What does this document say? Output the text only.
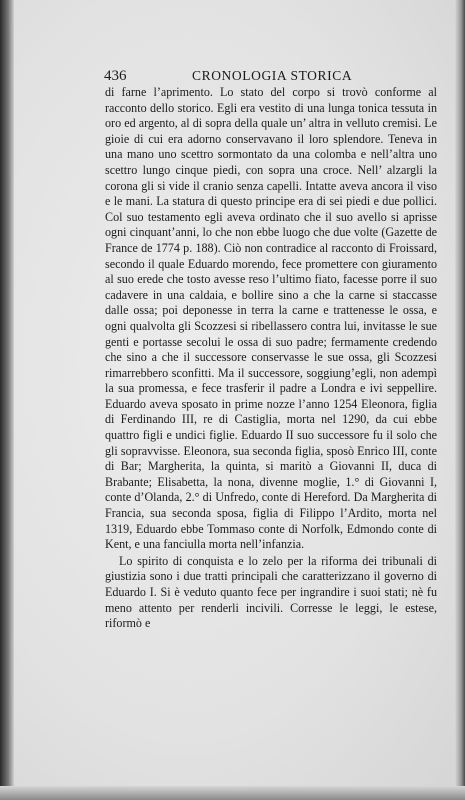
436	CRONOLOGIA STORICA

di farne l’aprimento. Lo stato del corpo si trovò conforme al racconto dello storico. Egli era vestito di una lunga tonica tessuta in oro ed argento, al di sopra della quale un’ altra in velluto cremisi. Le gioie di cui era adorno conservavano il loro splendore. Teneva in una mano uno scettro sormontato da una colomba e nell’altra uno scettro lungo cinque piedi, con sopra una croce. Nell’ alzargli la corona gli si vide il cranio senza capelli. Intatte aveva ancora il viso e le mani. La statura di questo principe era di sei piedi e due pollici. Col suo testamento egli aveva ordinato che il suo avello si aprisse ogni cinquant’anni, lo che non ebbe luogo che due volte (Gazette de France de 1774 p. 188). Ciò non contradice al racconto di Froissard, secondo il quale Eduardo morendo, fece promettere con giuramento al suo erede che tosto avesse reso l’ultimo fiato, facesse porre il suo cadavere in una caldaia, e bollire sino a che la carne si staccasse dalle ossa; poi deponesse in terra la carne e trattenesse le ossa, e ogni qualvolta gli Scozzesi si ribellassero contra lui, invitasse le sue genti e portasse secolui le ossa di suo padre; fermamente credendo che sino a che il successore conservasse le sue ossa, gli Scozzesi rimarrebbero sconfitti. Ma il successore, soggiung’egli, non adempì la sua promessa, e fece trasferir il padre a Londra e ivi seppellire. Eduardo aveva sposato in prime nozze l’anno 1254 Eleonora, figlia di Ferdinando III, re di Castiglia, morta nel 1290, da cui ebbe quattro figli e undici figlie. Eduardo II suo successore fu il solo che gli sopravvisse. Eleonora, sua seconda figlia, sposò Enrico III, conte di Bar; Margherita, la quinta, si maritò a Giovanni II, duca di Brabante; Elisabetta, la nona, divenne moglie, 1.° di Giovanni I, conte d’Olanda, 2.° di Unfredo, conte di Hereford. Da Margherita di Francia, sua seconda sposa, figlia di Filippo l’Ardito, morta nel 1319, Eduardo ebbe Tommaso conte di Norfolk, Edmondo conte di Kent, e una fanciulla morta nell’infanzia.

Lo spirito di conquista e lo zelo per la riforma dei tribunali di giustizia sono i due tratti principali che caratterizzano il governo di Eduardo I. Si è veduto quanto fece per ingrandire i suoi stati; nè fu meno attento per renderli incivili. Corresse le leggi, le estese, riformò e
